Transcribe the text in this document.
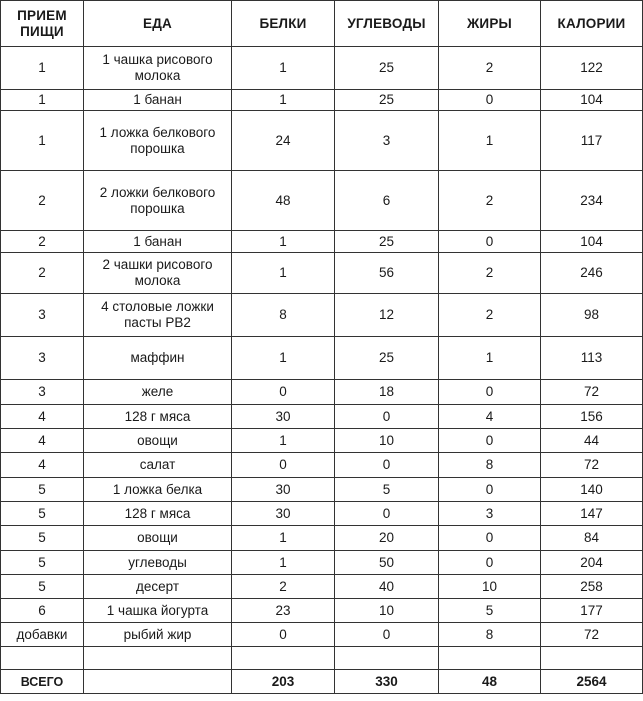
ПРИЕМ ПИЩИ	ЕДА	БЕЛКИ	УГЛЕВОДЫ	ЖИРЫ	КАЛОРИИ
1	1 чашка рисового молока	1	25	2	122
1	1 банан	1	25	0	104
1	1 ложка белкового порошка	24	3	1	117
2	2 ложки белкового порошка	48	6	2	234
2	1 банан	1	25	0	104
2	2 чашки рисового молока	1	56	2	246
3	4 столовые ложки пасты PB2	8	12	2	98
3	маффин	1	25	1	113
3	желе	0	18	0	72
4	128 г мяса	30	0	4	156
4	овощи	1	10	0	44
4	салат	0	0	8	72
5	1 ложка белка	30	5	0	140
5	128 г мяса	30	0	3	147
5	овощи	1	20	0	84
5	углеводы	1	50	0	204
5	десерт	2	40	10	258
6	1 чашка йогурта	23	10	5	177
добавки	рыбий жир	0	0	8	72

ВСЕГО		203	330	48	2564
